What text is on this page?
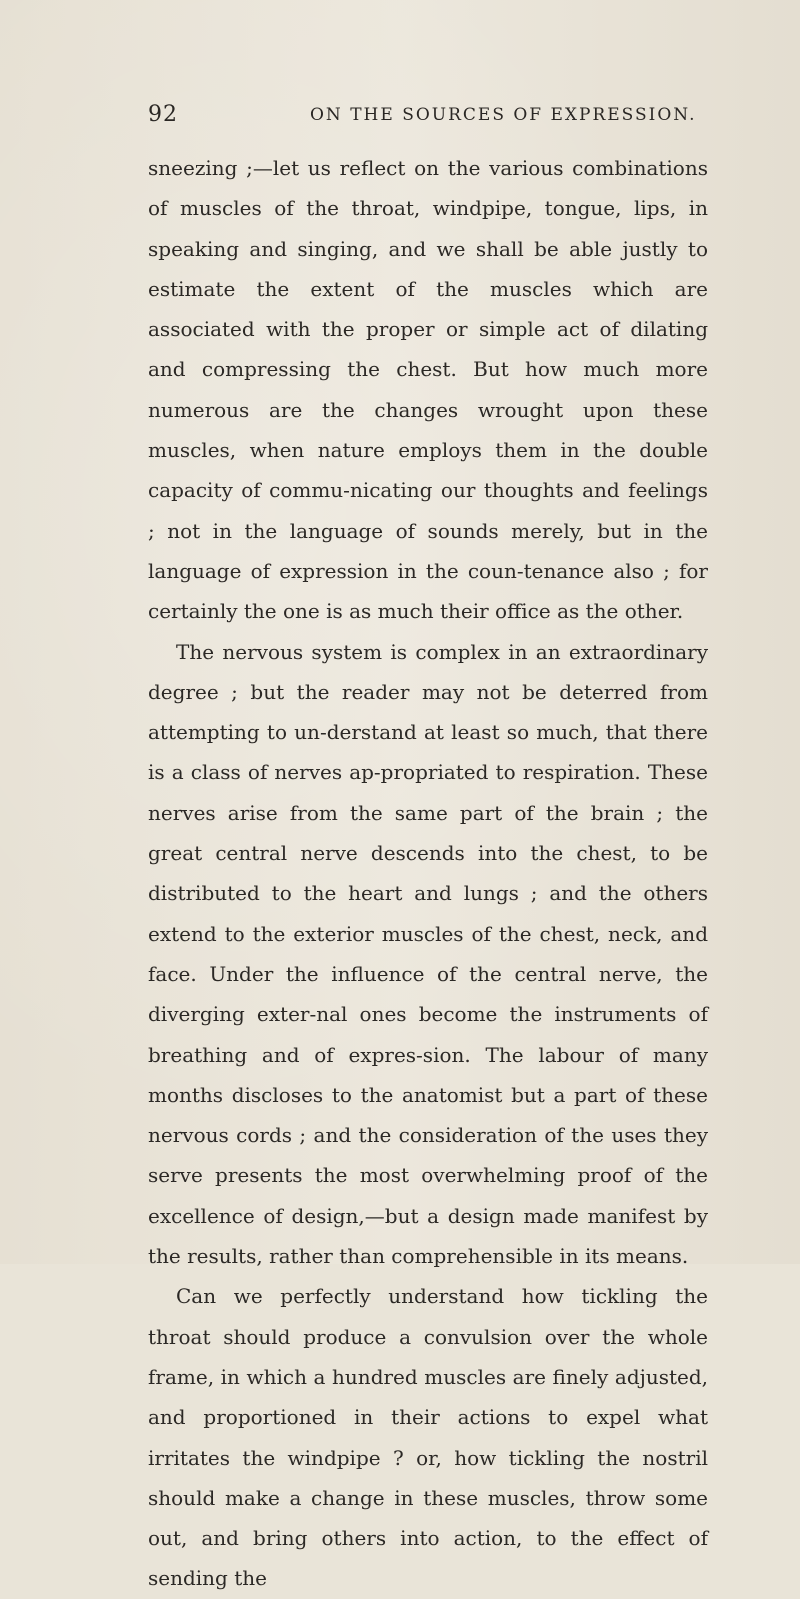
92	ON THE SOURCES OF EXPRESSION.

sneezing ;—let us reflect on the various combinations of muscles of the throat, windpipe, tongue, lips, in speaking and singing, and we shall be able justly to estimate the extent of the muscles which are associated with the proper or simple act of dilating and compressing the chest. But how much more numerous are the changes wrought upon these muscles, when nature employs them in the double capacity of commu-nicating our thoughts and feelings ; not in the language of sounds merely, but in the language of expression in the coun-tenance also ; for certainly the one is as much their office as the other.

The nervous system is complex in an extraordinary degree ; but the reader may not be deterred from attempting to un-derstand at least so much, that there is a class of nerves ap-propriated to respiration. These nerves arise from the same part of the brain ; the great central nerve descends into the chest, to be distributed to the heart and lungs ; and the others extend to the exterior muscles of the chest, neck, and face. Under the influence of the central nerve, the diverging exter-nal ones become the instruments of breathing and of expres-sion. The labour of many months discloses to the anatomist but a part of these nervous cords ; and the consideration of the uses they serve presents the most overwhelming proof of the excellence of design,—but a design made manifest by the results, rather than comprehensible in its means.

Can we perfectly understand how tickling the throat should produce a convulsion over the whole frame, in which a hundred muscles are finely adjusted, and proportioned in their actions to expel what irritates the windpipe ? or, how tickling the nostril should make a change in these muscles, throw some out, and bring others into action, to the effect of sending the
